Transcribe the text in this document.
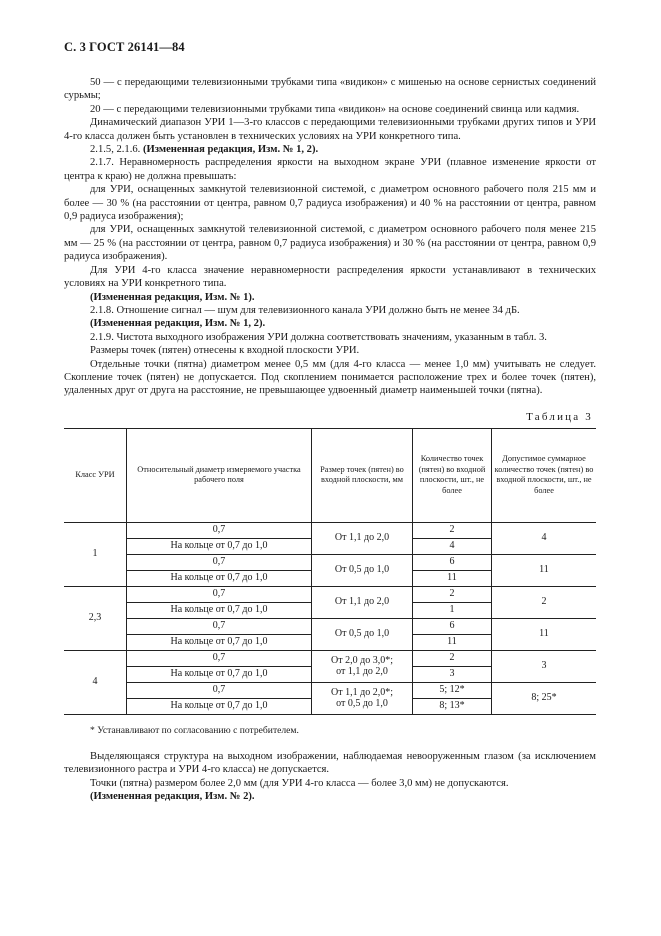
С. 3 ГОСТ 26141—84

50 — с передающими телевизионными трубками типа «видикон» с мишенью на основе сернистых соединений сурьмы;

20 — с передающими телевизионными трубками типа «видикон» на основе соединений свинца или кадмия.

Динамический диапазон УРИ 1—3-го классов с передающими телевизионными трубками других типов и УРИ 4-го класса должен быть установлен в технических условиях на УРИ конкретного типа.

2.1.5, 2.1.6. (Измененная редакция, Изм. № 1, 2).

2.1.7. Неравномерность распределения яркости на выходном экране УРИ (плавное изменение яркости от центра к краю) не должна превышать:

для УРИ, оснащенных замкнутой телевизионной системой, с диаметром основного рабочего поля 215 мм и более — 30 % (на расстоянии от центра, равном 0,7 радиуса изображения) и 40 % на расстоянии от центра, равном 0,9 радиуса изображения);

для УРИ, оснащенных замкнутой телевизионной системой, с диаметром основного рабочего поля менее 215 мм — 25 % (на расстоянии от центра, равном 0,7 радиуса изображения) и 30 % (на расстоянии от центра, равном 0,9 радиуса изображения).

Для УРИ 4-го класса значение неравномерности распределения яркости устанавливают в технических условиях на УРИ конкретного типа.

(Измененная редакция, Изм. № 1).

2.1.8. Отношение сигнал — шум для телевизионного канала УРИ должно быть не менее 34 дБ.

(Измененная редакция, Изм. № 1, 2).

2.1.9. Чистота выходного изображения УРИ должна соответствовать значениям, указанным в табл. 3.

Размеры точек (пятен) отнесены к входной плоскости УРИ.

Отдельные точки (пятна) диаметром менее 0,5 мм (для 4-го класса — менее 1,0 мм) учитывать не следует. Скопление точек (пятен) не допускается. Под скоплением понимается расположение трех и более точек (пятен), удаленных друг от друга на расстояние, не превышающее удвоенный диаметр наименьшей точки (пятна).

Таблица 3
Класс УРИ	Относительный диаметр измеряемого участка рабочего поля	Размер точек (пятен) во входной плоскости, мм	Количество точек (пятен) во входной плоскости, шт., не более	Допустимое суммарное количество точек (пятен) во входной плоскости, шт., не более
1	0,7	От 1,1 до 2,0	2	4
	На кольце от 0,7 до 1,0		4	
	0,7	От 0,5 до 1,0	6	11
	На кольце от 0,7 до 1,0		11	
2,3	0,7	От 1,1 до 2,0	2	2
	На кольце от 0,7 до 1,0		1	
	0,7	От 0,5 до 1,0	6	11
	На кольце от 0,7 до 1,0		11	
4	0,7	От 2,0 до 3,0*;
от 1,1 до 2,0	2	3
	На кольце от 0,7 до 1,0		3	
	0,7	От 1,1 до 2,0*;
от 0,5 до 1,0	5; 12*	8; 25*
	На кольце от 0,7 до 1,0		8; 13*	
* Устанавливают по согласованию с потребителем.

Выделяющаяся структура на выходном изображении, наблюдаемая невооруженным глазом (за исключением телевизионного растра и УРИ 4-го класса) не допускается.

Точки (пятна) размером более 2,0 мм (для УРИ 4-го класса — более 3,0 мм) не допускаются.

(Измененная редакция, Изм. № 2).
